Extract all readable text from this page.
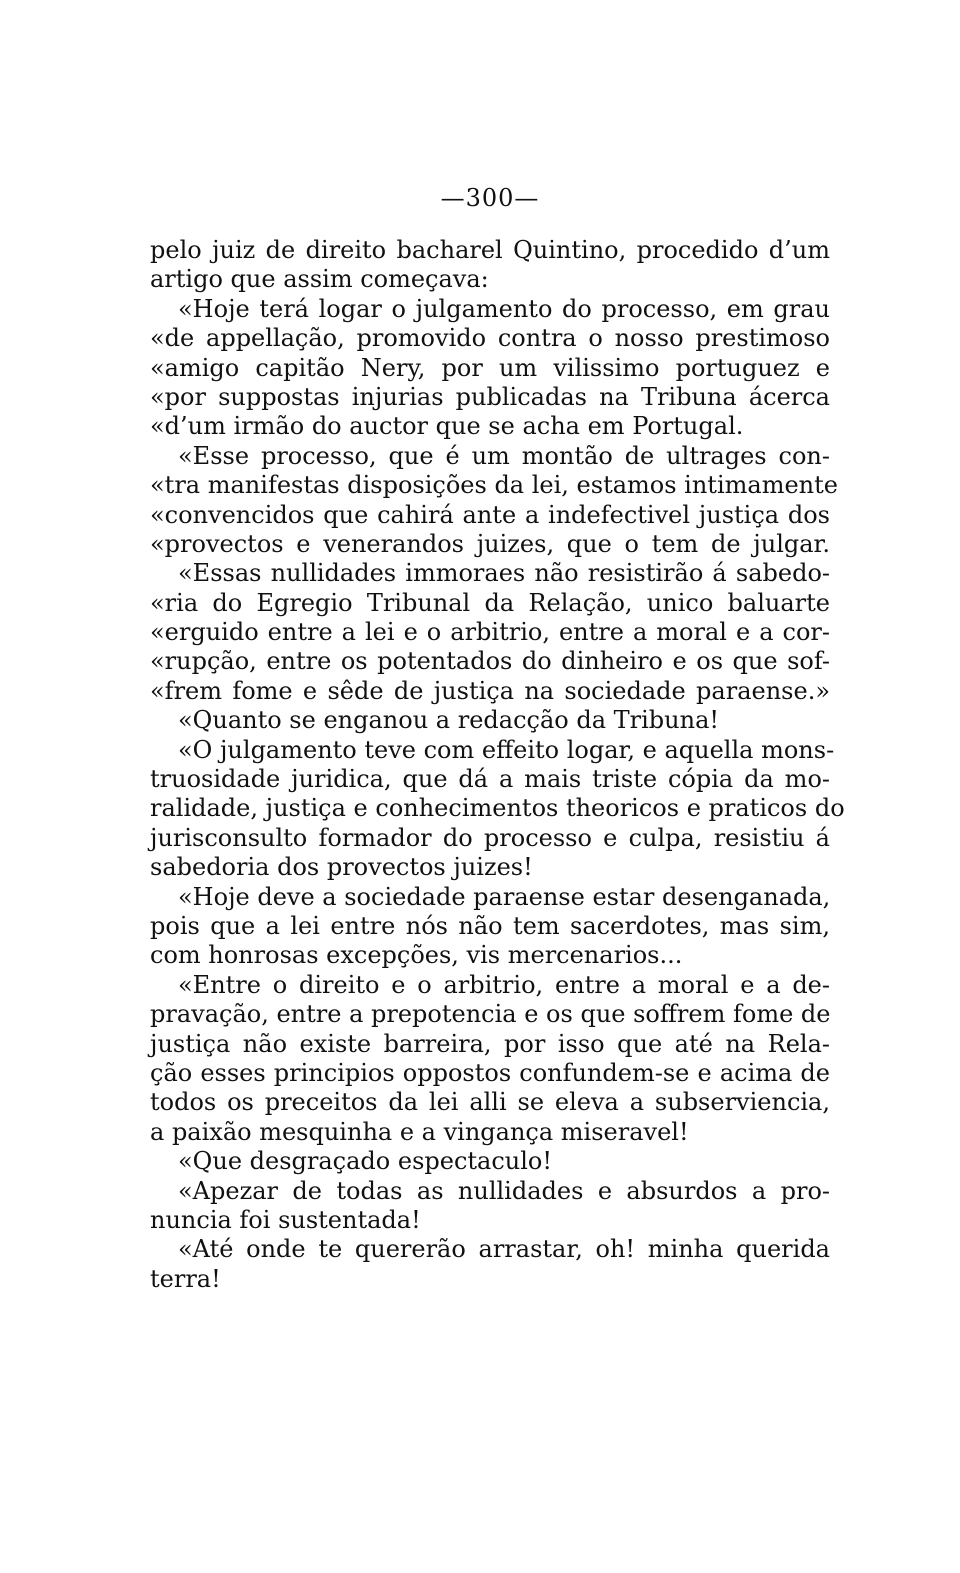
—300—
pelo juiz de direito bacharel Quintino, procedido d’um
artigo que assim começava:
«Hoje terá logar o julgamento do processo, em grau
«de appellação, promovido contra o nosso prestimoso
«amigo capitão Nery, por um vilissimo portuguez e
«por suppostas injurias publicadas na Tribuna ácerca
«d’um irmão do auctor que se acha em Portugal.
«Esse processo, que é um montão de ultrages con-
«tra manifestas disposições da lei, estamos intimamente
«convencidos que cahirá ante a indefectivel justiça dos
«provectos e venerandos juizes, que o tem de julgar.
«Essas nullidades immoraes não resistirão á sabedo-
«ria do Egregio Tribunal da Relação, unico baluarte
«erguido entre a lei e o arbitrio, entre a moral e a cor-
«rupção, entre os potentados do dinheiro e os que sof-
«frem fome e sêde de justiça na sociedade paraense.»
«Quanto se enganou a redacção da Tribuna!
«O julgamento teve com effeito logar, e aquella mons-
truosidade juridica, que dá a mais triste cópia da mo-
ralidade, justiça e conhecimentos theoricos e praticos do
jurisconsulto formador do processo e culpa, resistiu á
sabedoria dos provectos juizes!
«Hoje deve a sociedade paraense estar desenganada,
pois que a lei entre nós não tem sacerdotes, mas sim,
com honrosas excepções, vis mercenarios...
«Entre o direito e o arbitrio, entre a moral e a de-
pravação, entre a prepotencia e os que soffrem fome de
justiça não existe barreira, por isso que até na Rela-
ção esses principios oppostos confundem-se e acima de
todos os preceitos da lei alli se eleva a subserviencia,
a paixão mesquinha e a vingança miseravel!
«Que desgraçado espectaculo!
«Apezar de todas as nullidades e absurdos a pro-
nuncia foi sustentada!
«Até onde te quererão arrastar, oh! minha querida
terra!
